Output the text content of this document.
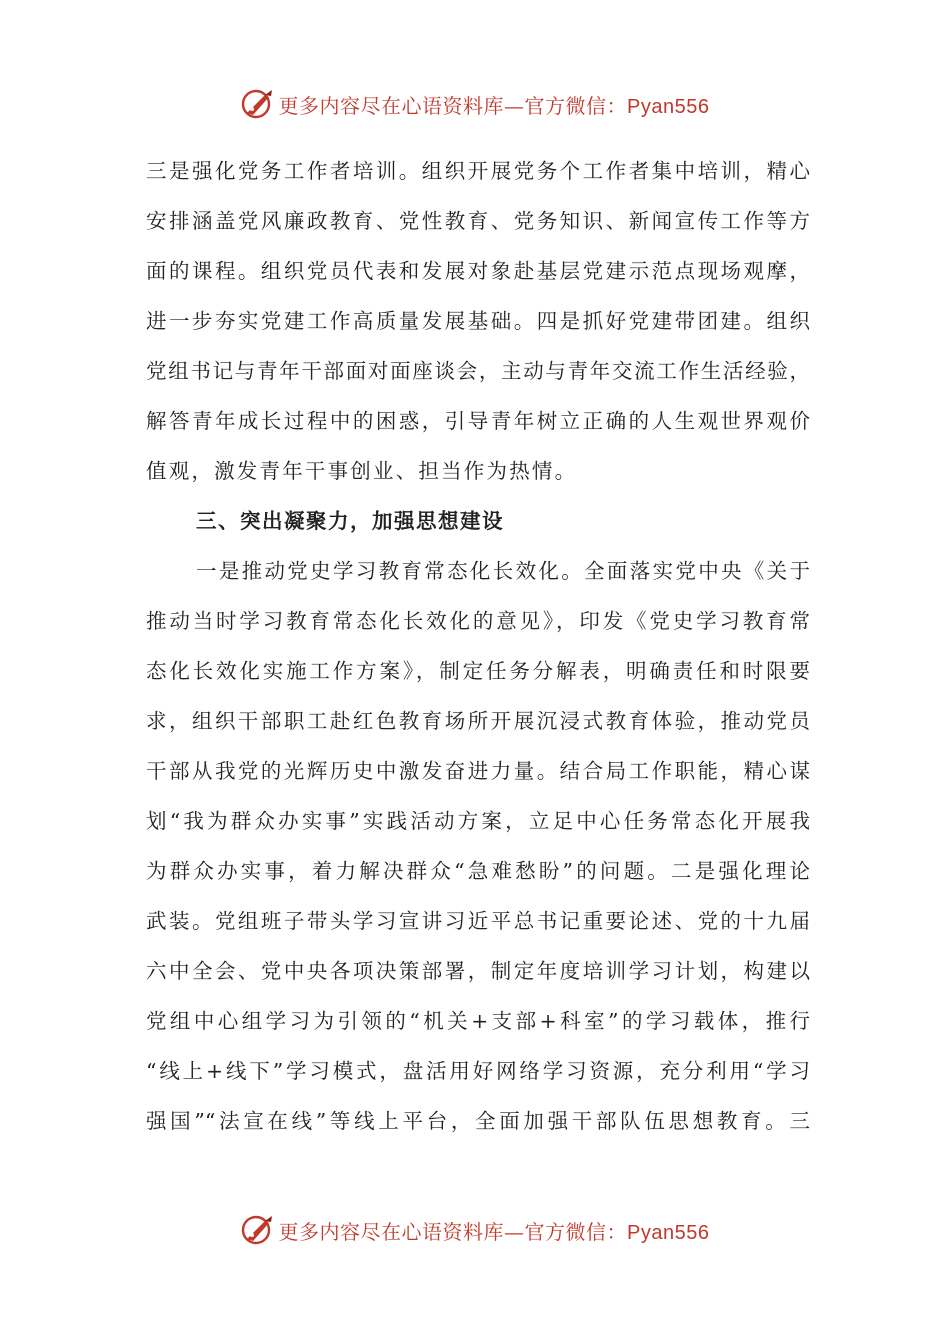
更多内容尽在心语资料库—官方微信：Pyan556
三是强化党务工作者培训。组织开展党务个工作者集中培训，精心
安排涵盖党风廉政教育、党性教育、党务知识、新闻宣传工作等方
面的课程。组织党员代表和发展对象赴基层党建示范点现场观摩，
进一步夯实党建工作高质量发展基础。四是抓好党建带团建。组织
党组书记与青年干部面对面座谈会，主动与青年交流工作生活经验，
解答青年成长过程中的困惑，引导青年树立正确的人生观世界观价
值观，激发青年干事创业、担当作为热情。
三、突出凝聚力，加强思想建设
一是推动党史学习教育常态化长效化。全面落实党中央《关于
推动当时学习教育常态化长效化的意见》，印发《党史学习教育常
态化长效化实施工作方案》，制定任务分解表，明确责任和时限要
求，组织干部职工赴红色教育场所开展沉浸式教育体验，推动党员
干部从我党的光辉历史中激发奋进力量。结合局工作职能，精心谋
划“我为群众办实事”实践活动方案，立足中心任务常态化开展我
为群众办实事，着力解决群众“急难愁盼”的问题。二是强化理论
武装。党组班子带头学习宣讲习近平总书记重要论述、党的十九届
六中全会、党中央各项决策部署，制定年度培训学习计划，构建以
党组中心组学习为引领的“机关+支部+科室”的学习载体，推行
“线上+线下”学习模式，盘活用好网络学习资源，充分利用“学习
强国”“法宣在线”等线上平台，全面加强干部队伍思想教育。三
更多内容尽在心语资料库—官方微信：Pyan556
